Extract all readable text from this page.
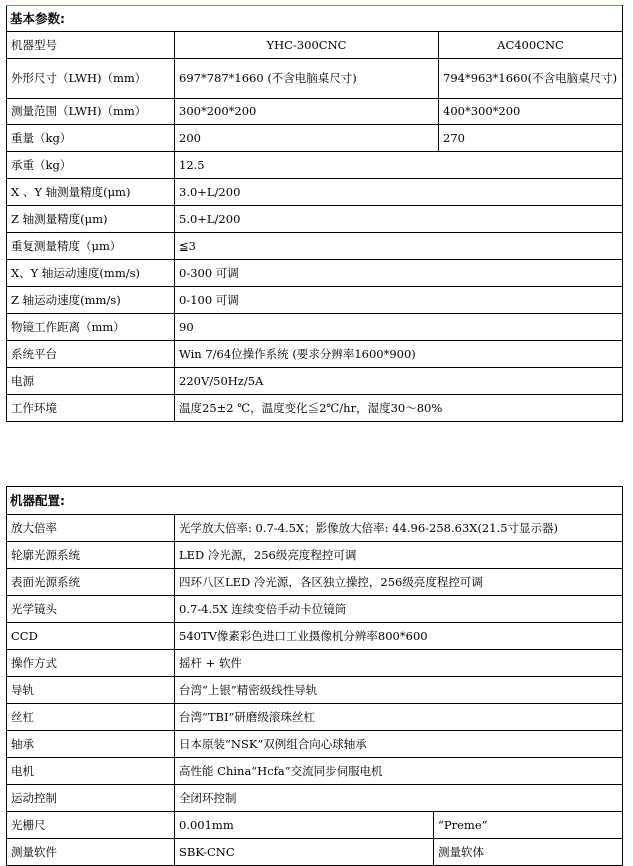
基本参数:		
机器型号	YHC-300CNC	AC400CNC
外形尺寸（LWH)（mm）	697*787*1660 (不含电脑桌尺寸)	794*963*1660(不含电脑桌尺寸)
测量范围（LWH)（mm）	300*200*200	400*300*200
重量（kg）	200	270
承重（kg）	12.5	
X 、Y 轴测量精度(μm)	3.0+L/200	
Z 轴测量精度(μm)	5.0+L/200	
重复测量精度（μm）	≦3	
X、Y 轴运动速度(mm/s)	0-300 可调	
Z 轴运动速度(mm/s)	0-100 可调	
物镜工作距离（mm）	90	
系统平台	Win 7/64位操作系统 (要求分辨率1600*900)	
电源	220V/50Hz/5A	
工作环境	温度25±2 ℃，温度变化≦2℃/hr，湿度30～80%	
机器配置:		
放大倍率	光学放大倍率: 0.7-4.5X；影像放大倍率: 44.96-258.63X(21.5寸显示器)	
轮廓光源系统	LED 冷光源，256级亮度程控可调	
表面光源系统	四环八区LED 冷光源，各区独立操控，256级亮度程控可调	
光学镜头	0.7-4.5X 连续变倍手动卡位镜筒	
CCD	540TV像素彩色进口工业摄像机分辨率800*600	
操作方式	摇杆 + 软件	
导轨	台湾“上银”精密级线性导轨	
丝杠	台湾“TBI”研磨级滚珠丝杠	
轴承	日本原装“NSK”双例组合向心球轴承	
电机	高性能 China“Hcfa”交流同步伺服电机	
运动控制	全闭环控制	
光栅尺	0.001mm	“Preme”
测量软件	SBK-CNC	测量软体
